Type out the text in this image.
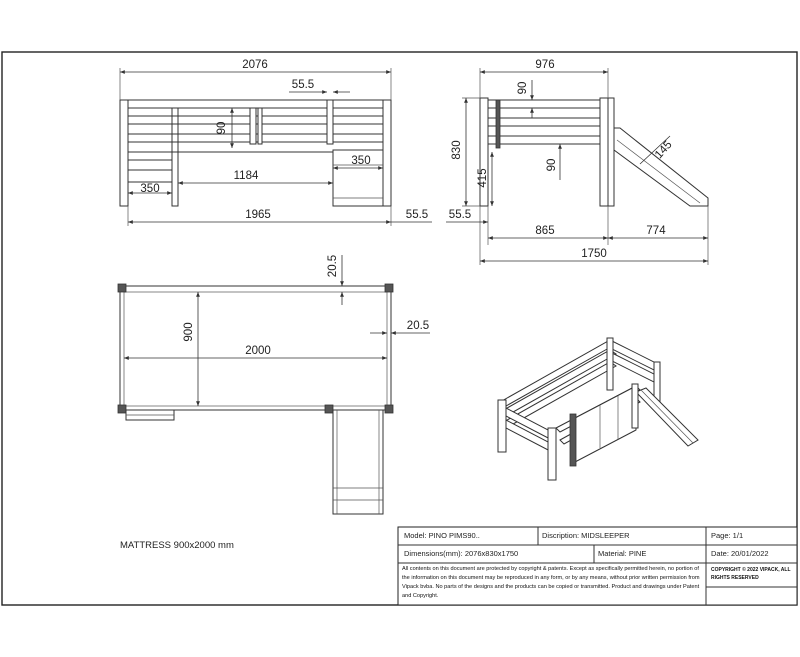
2076
55.5
90
350
1184
350
1965	55.5
976
90
830
90
415
145
55.5
865	774
1750
20.5
900
2000
20.5
MATTRESS 900x2000 mm
Model: PINO PIMS90..	Discription: MIDSLEEPER	Page: 1/1
Dimensions(mm): 2076x830x1750	Material: PINE	Date: 20/01/2022
All contents on this document are protected by copyright & patents. Except as specifically permitted herein, no portion of the information on this document may be reproduced in any form, or by any means, without prior written permission from Vipack bvba. No parts of the designs and the products can be copied or transmitted. Product and drawings under Patent and Copyright.
COPYRIGHT © 2022 VIPACK, ALL RIGHTS RESERVED
